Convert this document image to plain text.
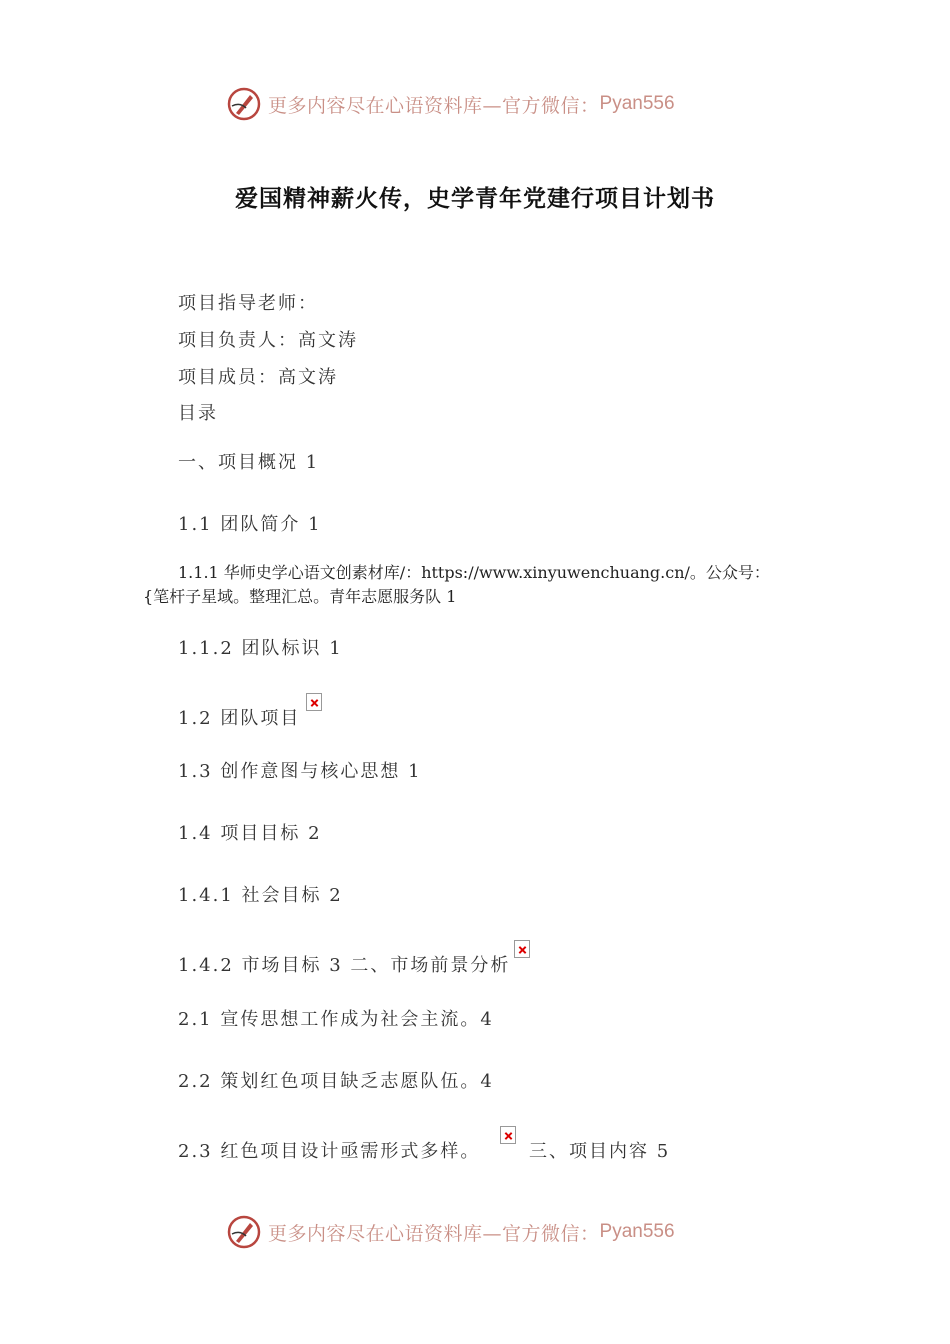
更多内容尽在心语资料库—官方微信： Pyan556
爱国精神薪火传，史学青年党建行项目计划书
项目指导老师：
项目负责人：高文涛
项目成员：高文涛
目录
一、项目概况 1
1.1 团队简介 1
1.1.1 华师史学心语文创素材库/：https://www.xinyuwenchuang.cn/。公众号：
{笔杆子星域。整理汇总。青年志愿服务队 1
1.1.2 团队标识 1
1.2 团队项目
1.3 创作意图与核心思想 1
1.4 项目目标 2
1.4.1 社会目标 2
1.4.2 市场目标 3 二、市场前景分析
2.1 宣传思想工作成为社会主流。4
2.2 策划红色项目缺乏志愿队伍。4
2.3 红色项目设计亟需形式多样。	三、项目内容 5
更多内容尽在心语资料库—官方微信： Pyan556
